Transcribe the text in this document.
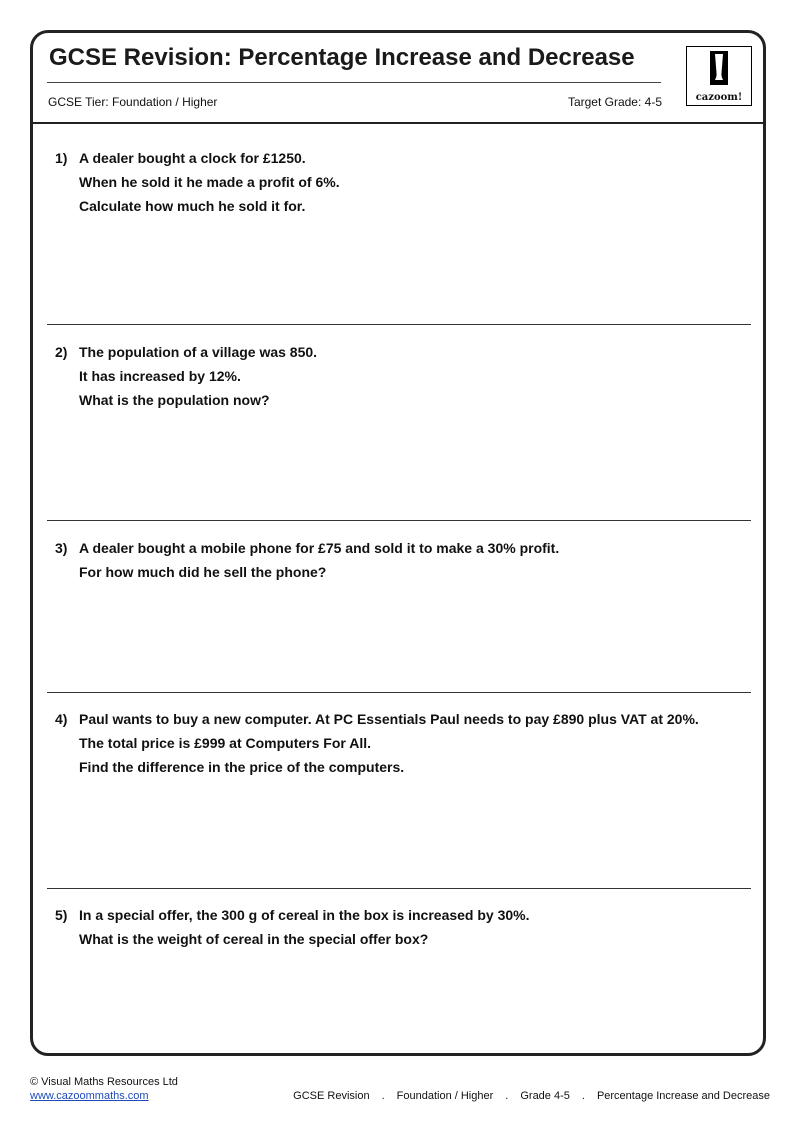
GCSE Revision: Percentage Increase and Decrease
GCSE Tier: Foundation / Higher	Target Grade: 4-5	cazoom!
1) A dealer bought a clock for £1250.
When he sold it he made a profit of 6%.
Calculate how much he sold it for.
2) The population of a village was 850.
It has increased by 12%.
What is the population now?
3) A dealer bought a mobile phone for £75 and sold it to make a 30% profit.
For how much did he sell the phone?
4) Paul wants to buy a new computer. At PC Essentials Paul needs to pay £890 plus VAT at 20%.
The total price is £999 at Computers For All.
Find the difference in the price of the computers.
5) In a special offer, the 300 g of cereal in the box is increased by 30%.
What is the weight of cereal in the special offer box?
© Visual Maths Resources Ltd
www.cazoommaths.com	GCSE Revision . Foundation / Higher . Grade 4-5 . Percentage Increase and Decrease
